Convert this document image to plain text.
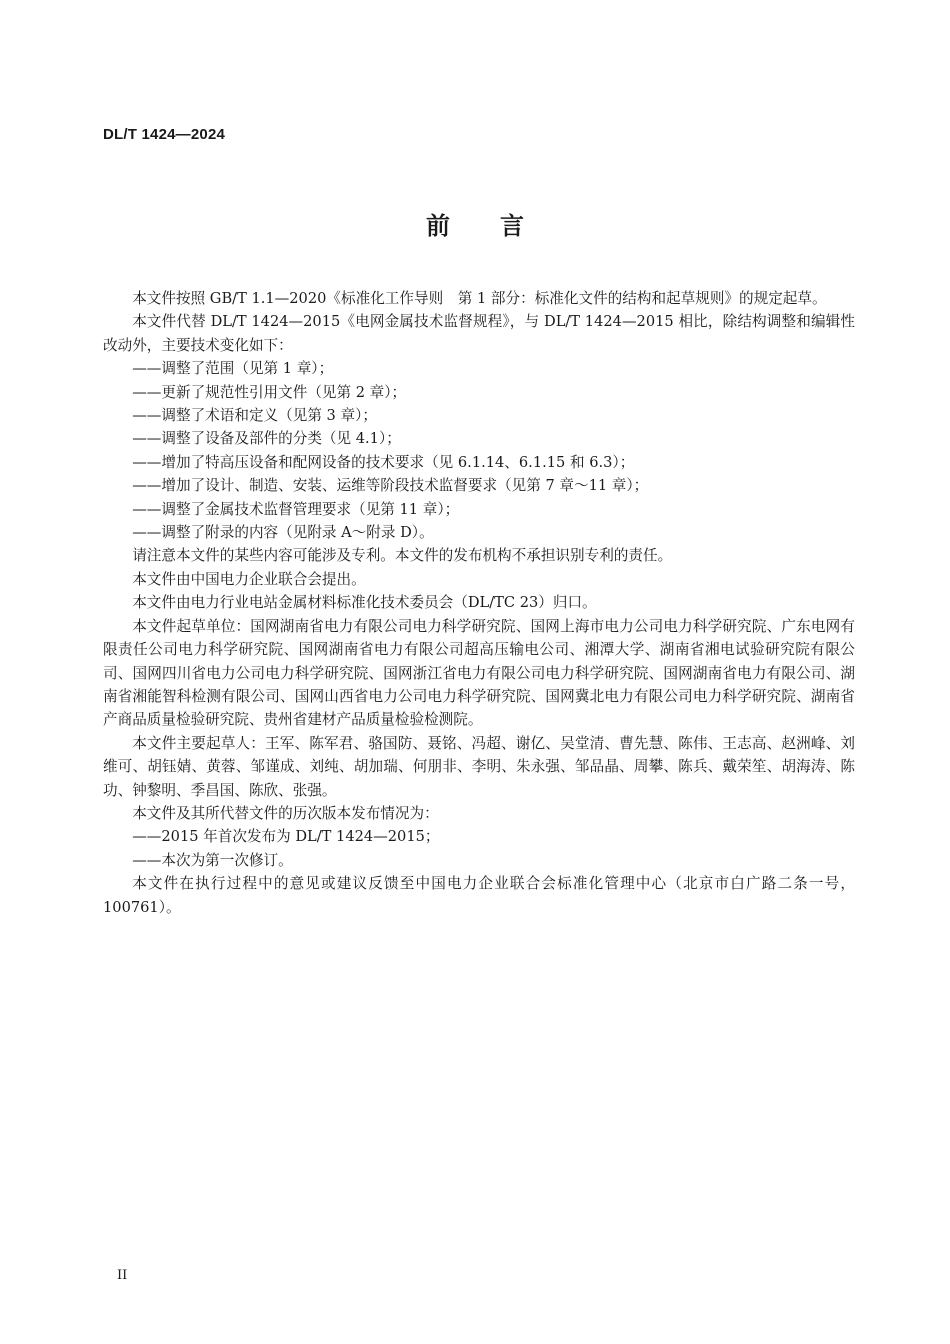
DL/T 1424—2024
前言

本文件按照 GB/T 1.1—2020《标准化工作导则　第 1 部分：标准化文件的结构和起草规则》的规定起草。

本文件代替 DL/T 1424—2015《电网金属技术监督规程》，与 DL/T 1424—2015 相比，除结构调整和编辑性改动外，主要技术变化如下：

——调整了范围（见第 1 章）；

——更新了规范性引用文件（见第 2 章）；

——调整了术语和定义（见第 3 章）；

——调整了设备及部件的分类（见 4.1）；

——增加了特高压设备和配网设备的技术要求（见 6.1.14、6.1.15 和 6.3）；

——增加了设计、制造、安装、运维等阶段技术监督要求（见第 7 章～11 章）；

——调整了金属技术监督管理要求（见第 11 章）；

——调整了附录的内容（见附录 A～附录 D）。

请注意本文件的某些内容可能涉及专利。本文件的发布机构不承担识别专利的责任。

本文件由中国电力企业联合会提出。

本文件由电力行业电站金属材料标准化技术委员会（DL/TC 23）归口。

本文件起草单位：国网湖南省电力有限公司电力科学研究院、国网上海市电力公司电力科学研究院、广东电网有限责任公司电力科学研究院、国网湖南省电力有限公司超高压输电公司、湘潭大学、湖南省湘电试验研究院有限公司、国网四川省电力公司电力科学研究院、国网浙江省电力有限公司电力科学研究院、国网湖南省电力有限公司、湖南省湘能智科检测有限公司、国网山西省电力公司电力科学研究院、国网冀北电力有限公司电力科学研究院、湖南省产商品质量检验研究院、贵州省建材产品质量检验检测院。

本文件主要起草人：王军、陈军君、骆国防、聂铭、冯超、谢亿、吴堂清、曹先慧、陈伟、王志高、赵洲峰、刘维可、胡钰婧、黄蓉、邹谨成、刘纯、胡加瑞、何朋非、李明、朱永强、邹品晶、周攀、陈兵、戴荣笙、胡海涛、陈功、钟黎明、季昌国、陈欣、张强。

本文件及其所代替文件的历次版本发布情况为：

——2015 年首次发布为 DL/T 1424—2015；

——本次为第一次修订。

本文件在执行过程中的意见或建议反馈至中国电力企业联合会标准化管理中心（北京市白广路二条一号，100761）。

II
